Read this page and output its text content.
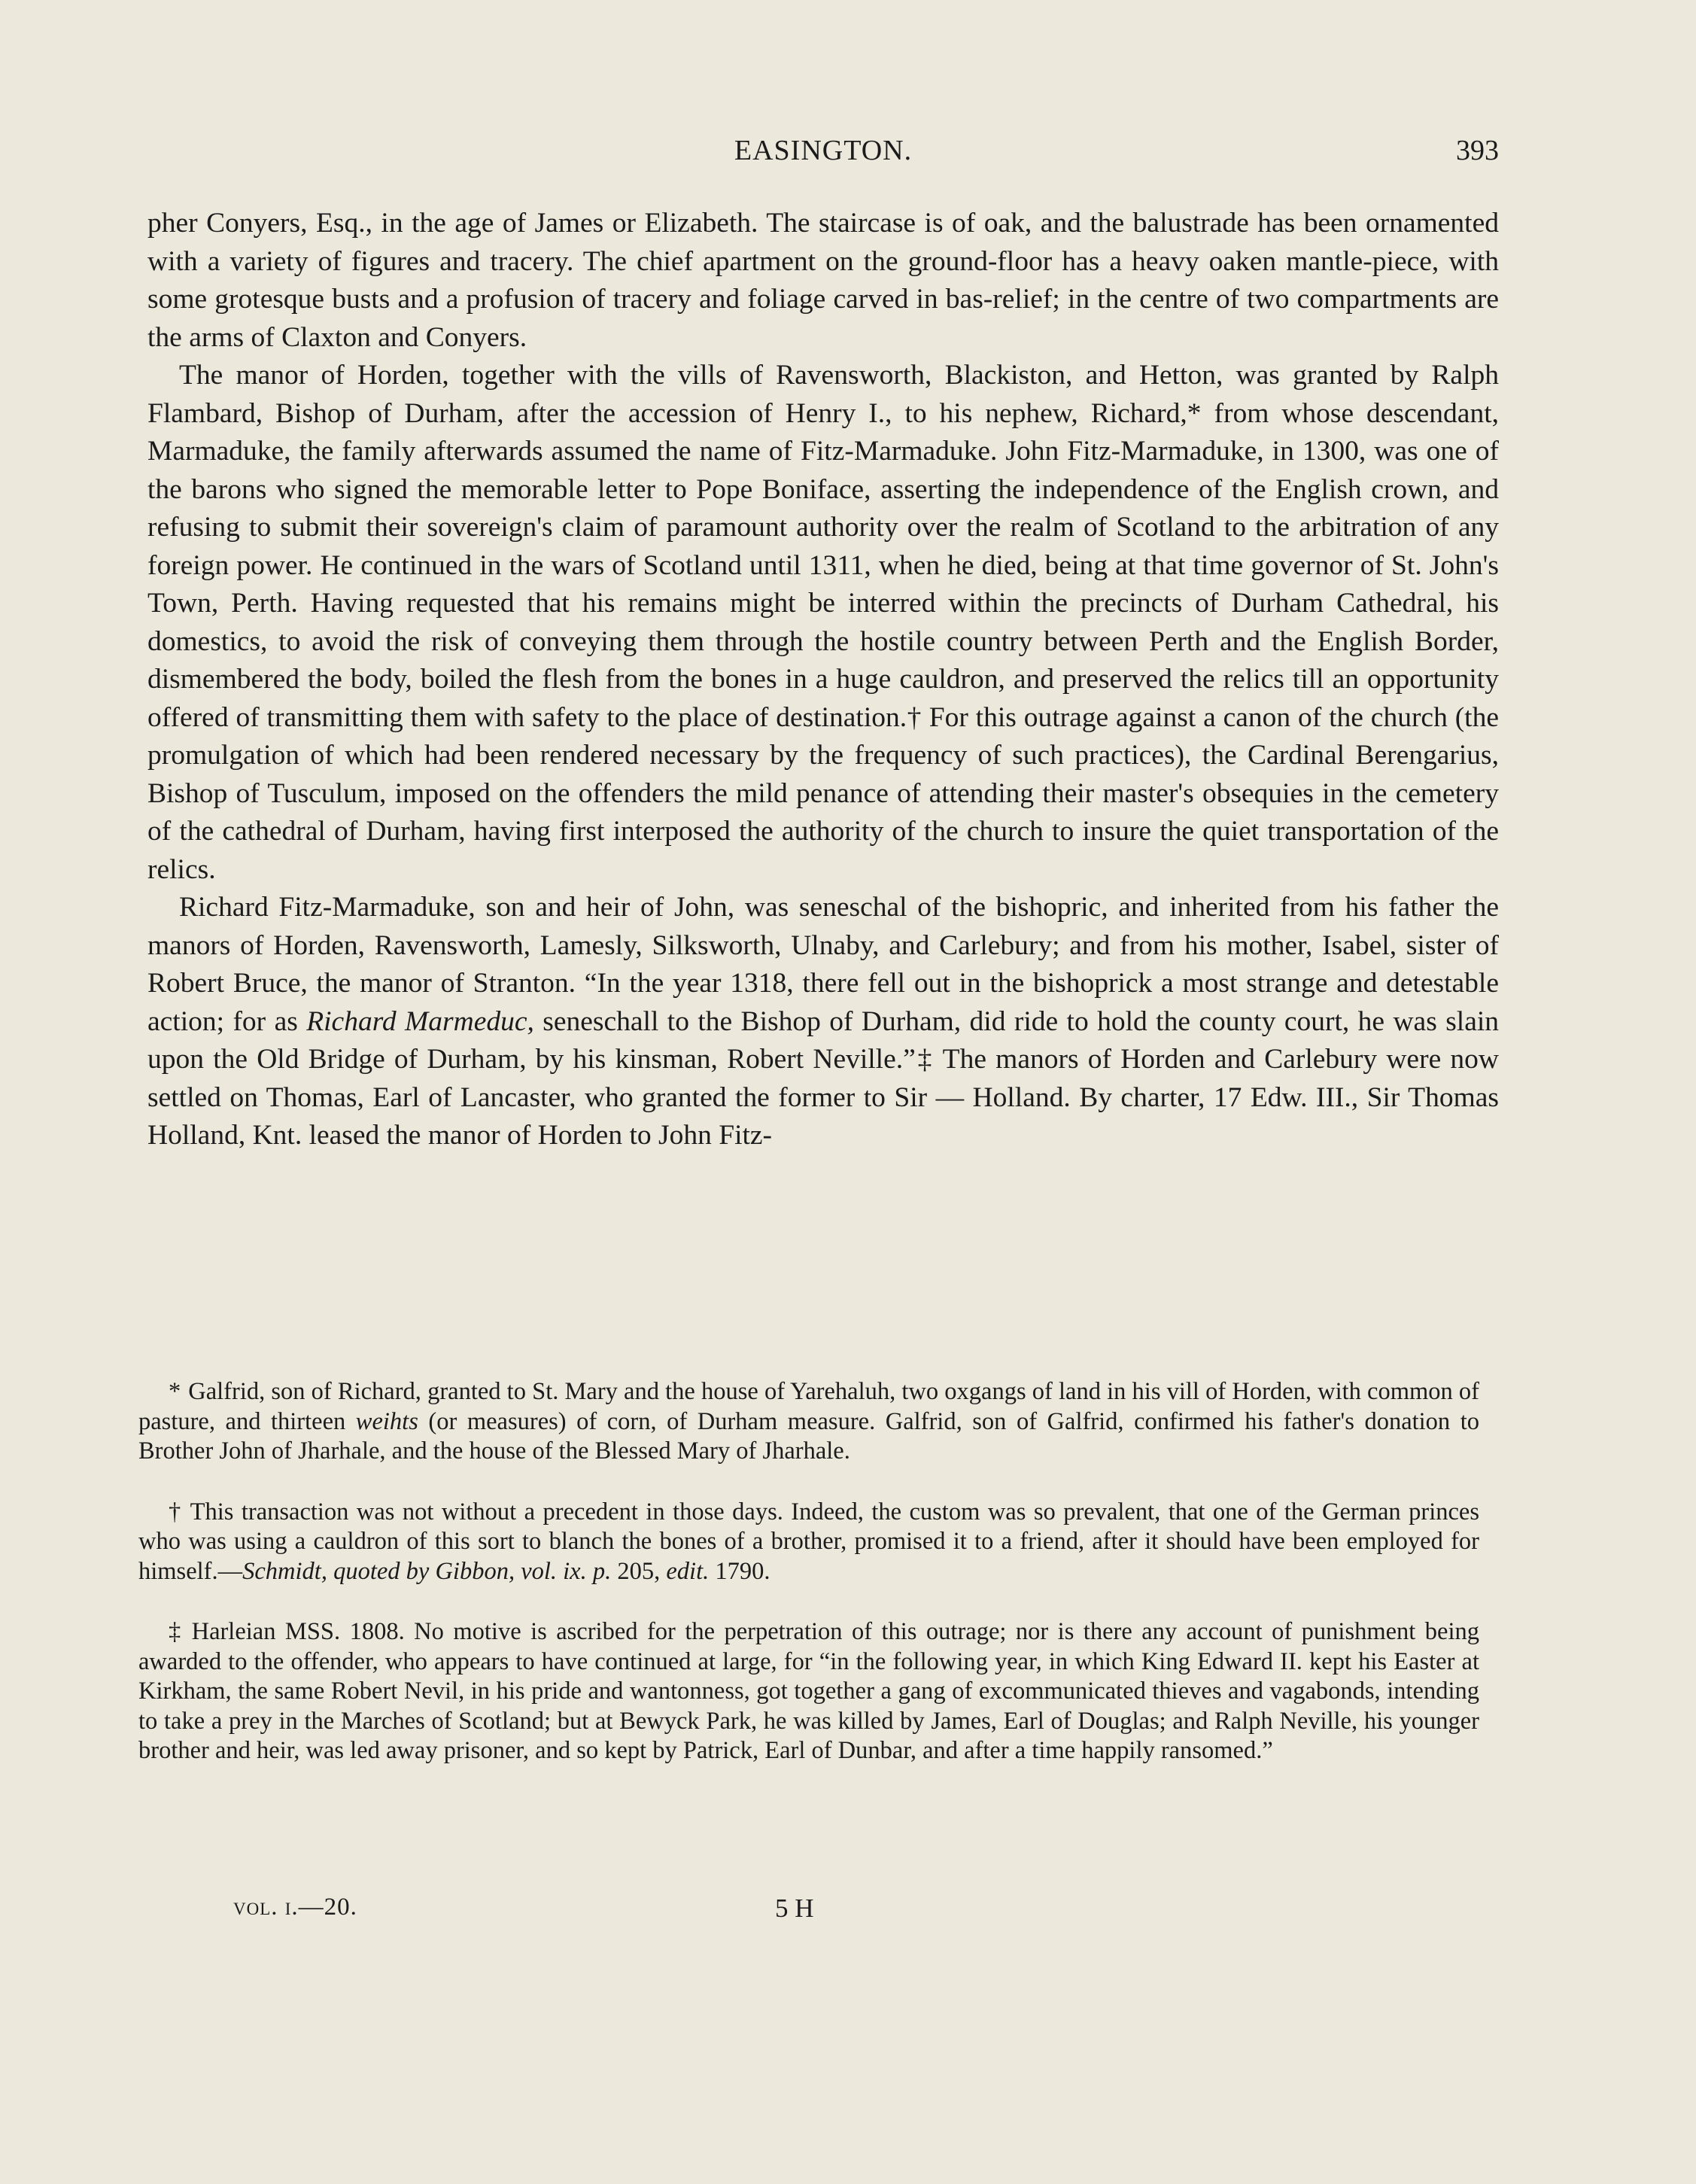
EASINGTON.	393

pher Conyers, Esq., in the age of James or Elizabeth. The staircase is of oak, and the balustrade has been ornamented with a variety of figures and tracery. The chief apartment on the ground-floor has a heavy oaken mantle-piece, with some grotesque busts and a profusion of tracery and foliage carved in bas-relief; in the centre of two compartments are the arms of Claxton and Conyers.

The manor of Horden, together with the vills of Ravensworth, Blackiston, and Hetton, was granted by Ralph Flambard, Bishop of Durham, after the accession of Henry I., to his nephew, Richard,* from whose descendant, Marmaduke, the family afterwards assumed the name of Fitz-Marmaduke. John Fitz-Marmaduke, in 1300, was one of the barons who signed the memorable letter to Pope Boniface, asserting the independence of the English crown, and refusing to submit their sovereign's claim of paramount authority over the realm of Scotland to the arbitration of any foreign power. He continued in the wars of Scotland until 1311, when he died, being at that time governor of St. John's Town, Perth. Having requested that his remains might be interred within the precincts of Durham Cathedral, his domestics, to avoid the risk of conveying them through the hostile country between Perth and the English Border, dismembered the body, boiled the flesh from the bones in a huge cauldron, and preserved the relics till an opportunity offered of transmitting them with safety to the place of destination.† For this outrage against a canon of the church (the promulgation of which had been rendered necessary by the frequency of such practices), the Cardinal Berengarius, Bishop of Tusculum, imposed on the offenders the mild penance of attending their master's obsequies in the cemetery of the cathedral of Durham, having first interposed the authority of the church to insure the quiet transportation of the relics.

Richard Fitz-Marmaduke, son and heir of John, was seneschal of the bishopric, and inherited from his father the manors of Horden, Ravensworth, Lamesly, Silksworth, Ulnaby, and Carlebury; and from his mother, Isabel, sister of Robert Bruce, the manor of Stranton. “In the year 1318, there fell out in the bishoprick a most strange and detestable action; for as Richard Marmeduc, seneschall to the Bishop of Durham, did ride to hold the county court, he was slain upon the Old Bridge of Durham, by his kinsman, Robert Neville.”‡ The manors of Horden and Carlebury were now settled on Thomas, Earl of Lancaster, who granted the former to Sir — Holland. By charter, 17 Edw. III., Sir Thomas Holland, Knt. leased the manor of Horden to John Fitz-

* Galfrid, son of Richard, granted to St. Mary and the house of Yarehaluh, two oxgangs of land in his vill of Horden, with common of pasture, and thirteen weihts (or measures) of corn, of Durham measure. Galfrid, son of Galfrid, confirmed his father's donation to Brother John of Jharhale, and the house of the Blessed Mary of Jharhale.

† This transaction was not without a precedent in those days. Indeed, the custom was so prevalent, that one of the German princes who was using a cauldron of this sort to blanch the bones of a brother, promised it to a friend, after it should have been employed for himself.—Schmidt, quoted by Gibbon, vol. ix. p. 205, edit. 1790.

‡ Harleian MSS. 1808. No motive is ascribed for the perpetration of this outrage; nor is there any account of punishment being awarded to the offender, who appears to have continued at large, for “in the following year, in which King Edward II. kept his Easter at Kirkham, the same Robert Nevil, in his pride and wantonness, got together a gang of excommunicated thieves and vagabonds, intending to take a prey in the Marches of Scotland; but at Bewyck Park, he was killed by James, Earl of Douglas; and Ralph Neville, his younger brother and heir, was led away prisoner, and so kept by Patrick, Earl of Dunbar, and after a time happily ransomed.”

vol. i.—20.	5 H
